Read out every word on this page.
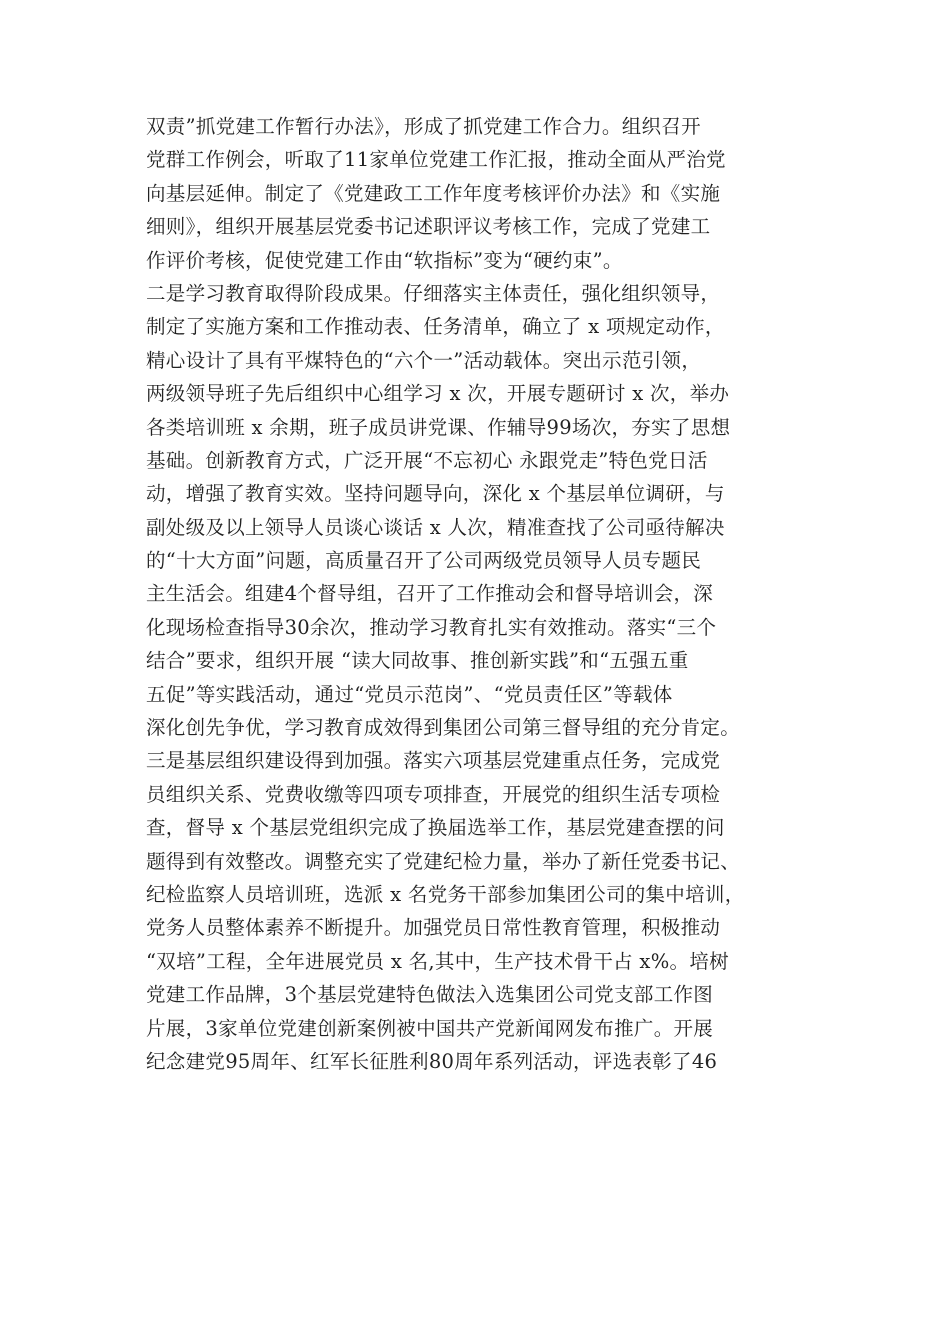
双责”抓党建工作暂行办法》，形成了抓党建工作合力。组织召开
党群工作例会，听取了11家单位党建工作汇报，推动全面从严治党
向基层延伸。制定了《党建政工工作年度考核评价办法》和《实施
细则》，组织开展基层党委书记述职评议考核工作，完成了党建工
作评价考核，促使党建工作由“软指标”变为“硬约束”。
二是学习教育取得阶段成果。仔细落实主体责任，强化组织领导，
制定了实施方案和工作推动表、任务清单，确立了 x 项规定动作，
精心设计了具有平煤特色的“六个一”活动载体。突出示范引领，
两级领导班子先后组织中心组学习 x 次，开展专题研讨 x 次，举办
各类培训班 x 余期，班子成员讲党课、作辅导99场次，夯实了思想
基础。创新教育方式，广泛开展“不忘初心 永跟党走”特色党日活
动，增强了教育实效。坚持问题导向，深化 x 个基层单位调研，与
副处级及以上领导人员谈心谈话 x 人次，精准查找了公司亟待解决
的“十大方面”问题，高质量召开了公司两级党员领导人员专题民
主生活会。组建4个督导组，召开了工作推动会和督导培训会，深
化现场检查指导30余次，推动学习教育扎实有效推动。落实“三个
结合”要求，组织开展 “读大同故事、推创新实践”和“五强五重
五促”等实践活动，通过“党员示范岗”、“党员责任区”等载体
深化创先争优，学习教育成效得到集团公司第三督导组的充分肯定。
三是基层组织建设得到加强。落实六项基层党建重点任务，完成党
员组织关系、党费收缴等四项专项排查，开展党的组织生活专项检
查，督导 x 个基层党组织完成了换届选举工作，基层党建查摆的问
题得到有效整改。调整充实了党建纪检力量，举办了新任党委书记、
纪检监察人员培训班，选派 x 名党务干部参加集团公司的集中培训，
党务人员整体素养不断提升。加强党员日常性教育管理，积极推动
“双培”工程，全年进展党员 x 名,其中，生产技术骨干占 x%。培树
党建工作品牌，3个基层党建特色做法入选集团公司党支部工作图
片展，3家单位党建创新案例被中国共产党新闻网发布推广。开展
纪念建党95周年、红军长征胜利80周年系列活动，评选表彰了46
